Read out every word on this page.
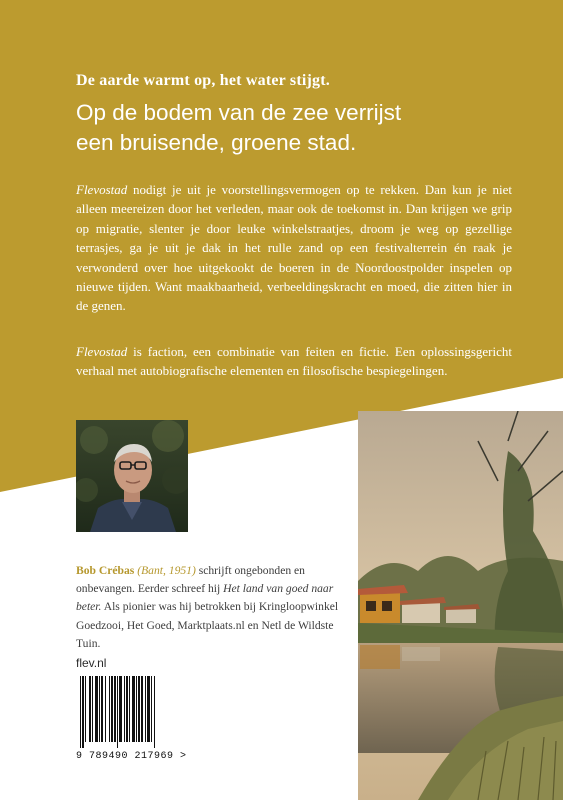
De aarde warmt op, het water stijgt.
Op de bodem van de zee verrijst
een bruisende, groene stad.
Flevostad nodigt je uit je voorstellingsvermogen op te rekken. Dan kun je niet alleen meereizen door het verleden, maar ook de toekomst in. Dan krijgen we grip op migratie, slenter je door leuke winkelstraatjes, droom je weg op gezellige terrasjes, ga je uit je dak in het rulle zand op een festivalterrein én raak je verwonderd over hoe uitgekookt de boeren in de Noordoostpolder inspelen op nieuwe tijden. Want maakbaarheid, verbeeldingskracht en moed, die zitten hier in de genen.
Flevostad is faction, een combinatie van feiten en fictie. Een oplossingsgericht verhaal met autobiografische elementen en filosofische bespiegelingen.
Bob Crébas (Bant, 1951) schrijft ongebonden en onbevangen. Eerder schreef hij Het land van goed naar beter. Als pionier was hij betrokken bij Kringloopwinkel Goedzooi, Het Goed, Marktplaats.nl en Netl de Wildste Tuin.
flev.nl
9 789490 217969 >
